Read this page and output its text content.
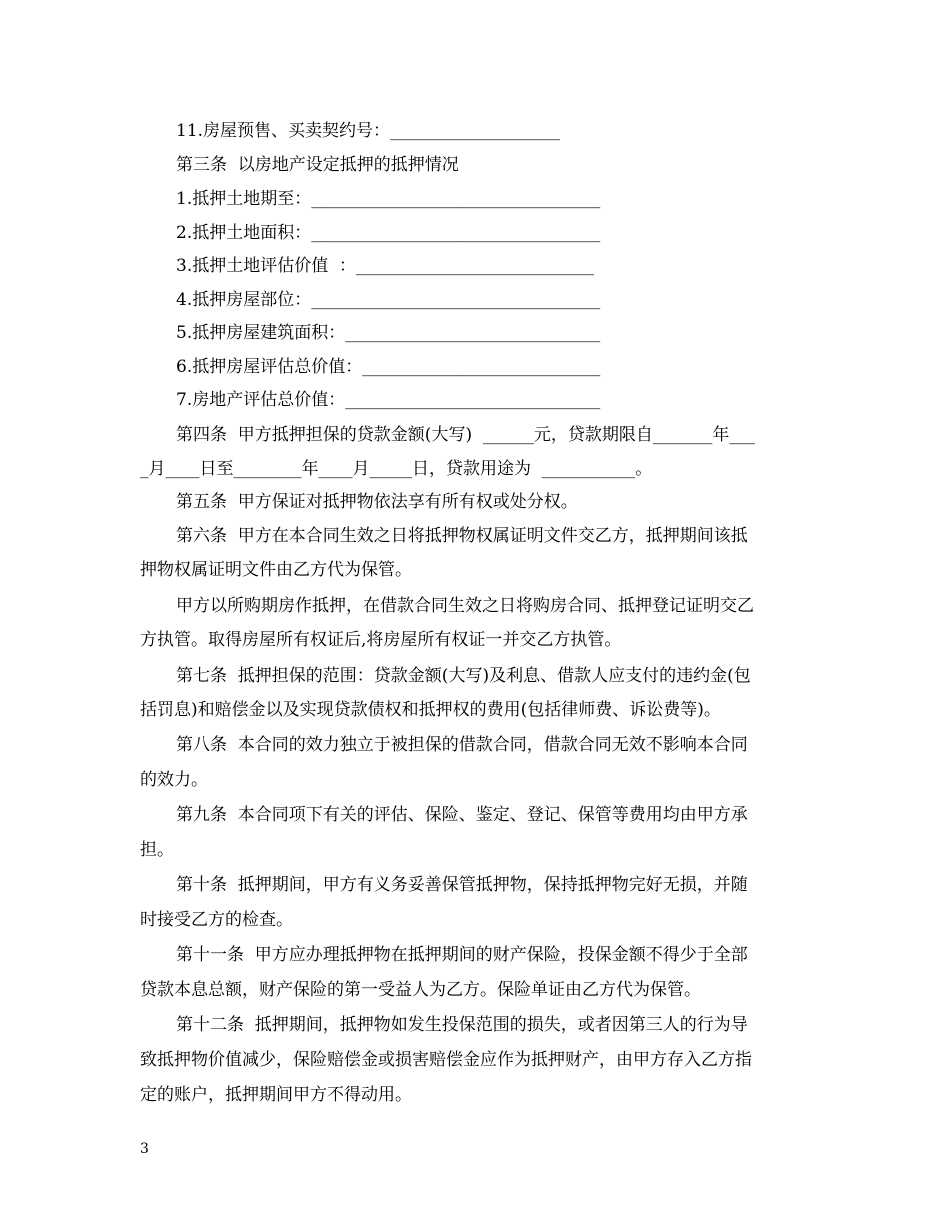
11.房屋预售、买卖契约号：____________________
第三条  以房地产设定抵押的抵押情况
1.抵押土地期至：__________________________________
2.抵押土地面积：__________________________________
3.抵押土地评估价值  ：____________________________
4.抵押房屋部位：__________________________________
5.抵押房屋建筑面积：______________________________
6.抵押房屋评估总价值：____________________________
7.房地产评估总价值：______________________________
第四条  甲方抵押担保的贷款金额(大写)  ______元，贷款期限自_______年___
_月____日至________年____月_____日，贷款用途为  ___________。
第五条  甲方保证对抵押物依法享有所有权或处分权。
第六条  甲方在本合同生效之日将抵押物权属证明文件交乙方，抵押期间该抵
押物权属证明文件由乙方代为保管。
甲方以所购期房作抵押，在借款合同生效之日将购房合同、抵押登记证明交乙
方执管。取得房屋所有权证后,将房屋所有权证一并交乙方执管。
第七条  抵押担保的范围：贷款金额(大写)及利息、借款人应支付的违约金(包
括罚息)和赔偿金以及实现贷款债权和抵押权的费用(包括律师费、诉讼费等)。
第八条  本合同的效力独立于被担保的借款合同，借款合同无效不影响本合同
的效力。
第九条  本合同项下有关的评估、保险、鉴定、登记、保管等费用均由甲方承
担。
第十条  抵押期间，甲方有义务妥善保管抵押物，保持抵押物完好无损，并随
时接受乙方的检查。
第十一条  甲方应办理抵押物在抵押期间的财产保险，投保金额不得少于全部
贷款本息总额，财产保险的第一受益人为乙方。保险单证由乙方代为保管。
第十二条  抵押期间，抵押物如发生投保范围的损失，或者因第三人的行为导
致抵押物价值减少，保险赔偿金或损害赔偿金应作为抵押财产，由甲方存入乙方指
定的账户，抵押期间甲方不得动用。
3
